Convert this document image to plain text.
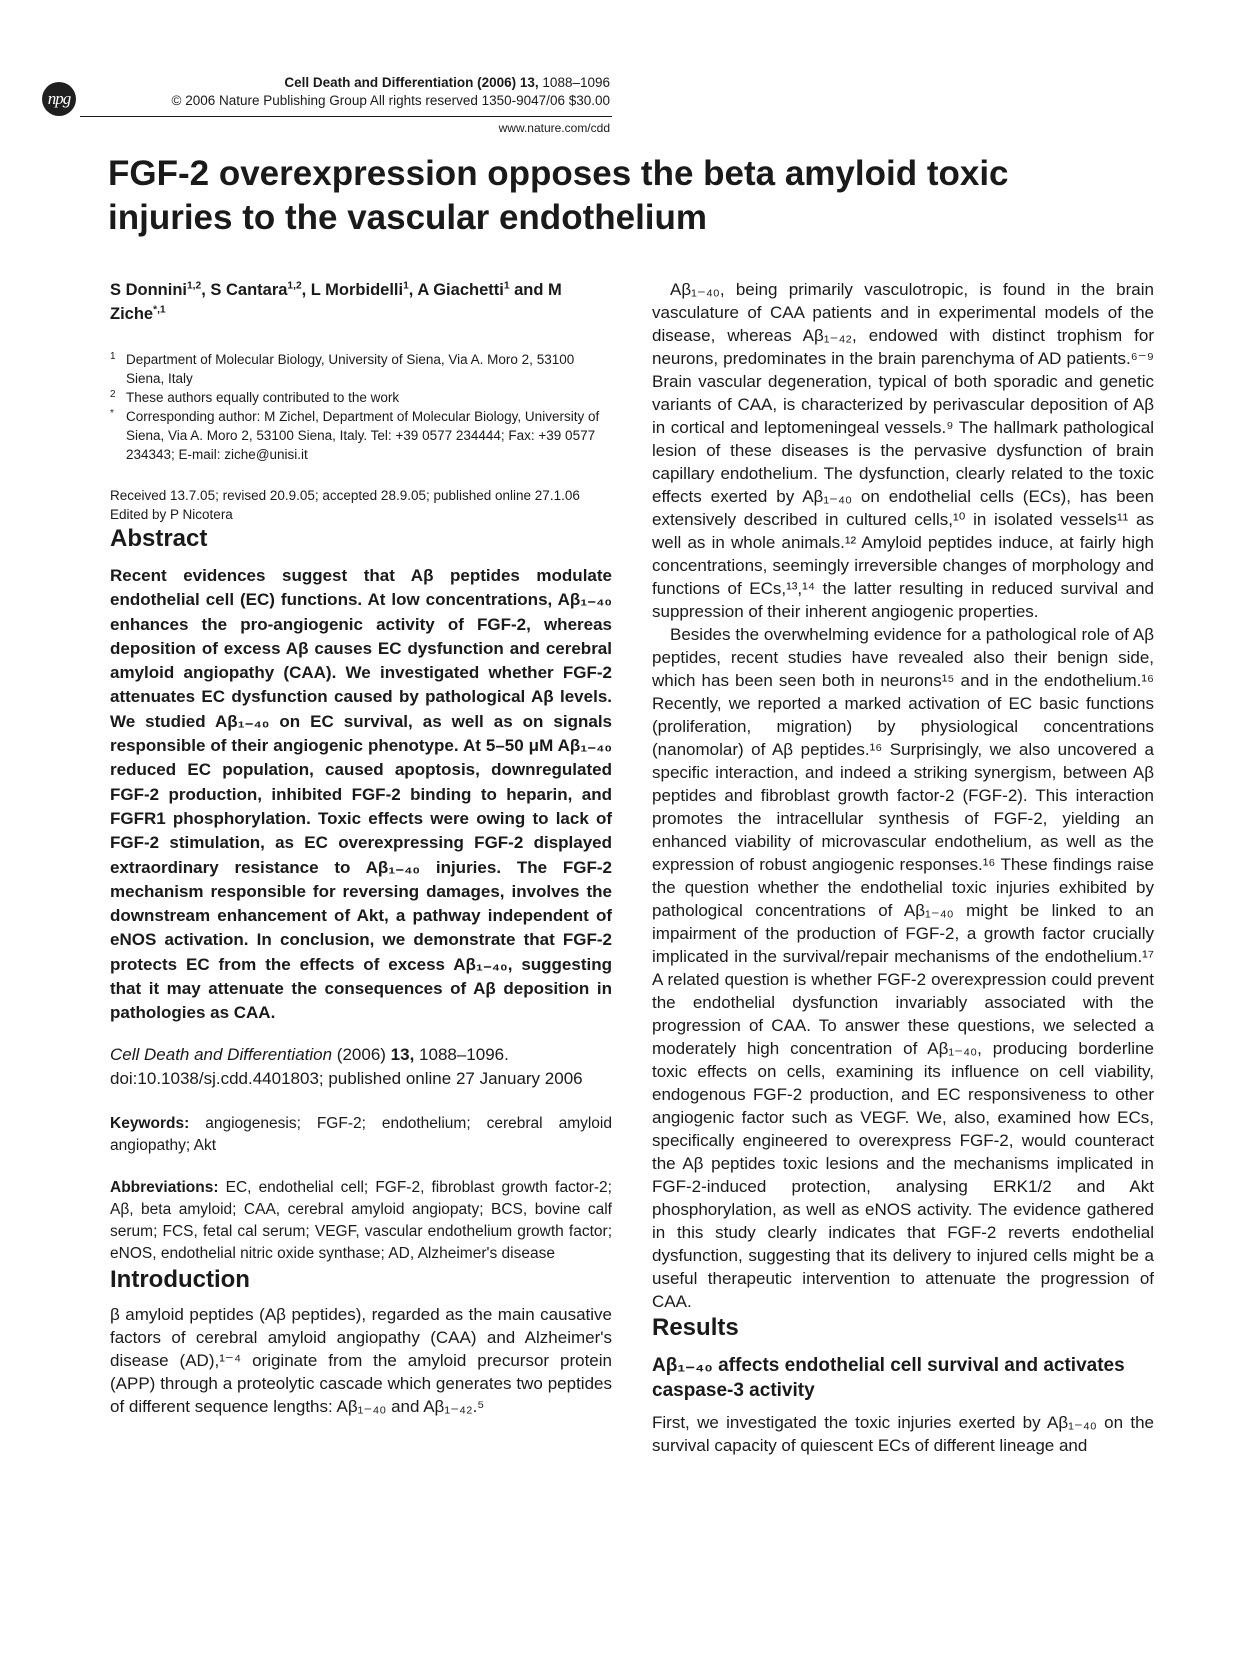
npg
Cell Death and Differentiation (2006) 13, 1088–1096
© 2006 Nature Publishing Group All rights reserved 1350-9047/06 $30.00
www.nature.com/cdd
FGF-2 overexpression opposes the beta amyloid toxic injuries to the vascular endothelium

S Donnini$^{1,2}$, S Cantara$^{1,2}$, L Morbidelli$^1$, A Giachetti$^1$ and M Ziche$^{*,1}$

1 Department of Molecular Biology, University of Siena, Via A. Moro 2, 53100 Siena, Italy
2 These authors equally contributed to the work
* Corresponding author: M Zichel, Department of Molecular Biology, University of Siena, Via A. Moro 2, 53100 Siena, Italy. Tel: +39 0577 234444; Fax: +39 0577 234343; E-mail: ziche@unisi.it
Received 13.7.05; revised 20.9.05; accepted 28.9.05; published online 27.1.06
Edited by P Nicotera
Abstract

Recent evidences suggest that Aβ peptides modulate endothelial cell (EC) functions. At low concentrations, Aβ₁₋₄₀ enhances the pro-angiogenic activity of FGF-2, whereas deposition of excess Aβ causes EC dysfunction and cerebral amyloid angiopathy (CAA). We investigated whether FGF-2 attenuates EC dysfunction caused by pathological Aβ levels. We studied Aβ₁₋₄₀ on EC survival, as well as on signals responsible of their angiogenic phenotype. At 5–50 μM Aβ₁₋₄₀ reduced EC population, caused apoptosis, downregulated FGF-2 production, inhibited FGF-2 binding to heparin, and FGFR1 phosphorylation. Toxic effects were owing to lack of FGF-2 stimulation, as EC overexpressing FGF-2 displayed extraordinary resistance to Aβ₁₋₄₀ injuries. The FGF-2 mechanism responsible for reversing damages, involves the downstream enhancement of Akt, a pathway independent of eNOS activation. In conclusion, we demonstrate that FGF-2 protects EC from the effects of excess Aβ₁₋₄₀, suggesting that it may attenuate the consequences of Aβ deposition in pathologies as CAA.

Cell Death and Differentiation (2006) 13, 1088–1096.

doi:10.1038/sj.cdd.4401803; published online 27 January 2006

Keywords: angiogenesis; FGF-2; endothelium; cerebral amyloid angiopathy; Akt
Abbreviations: EC, endothelial cell; FGF-2, fibroblast growth factor-2; Aβ, beta amyloid; CAA, cerebral amyloid angiopaty; BCS, bovine calf serum; FCS, fetal cal serum; VEGF, vascular endothelium growth factor; eNOS, endothelial nitric oxide synthase; AD, Alzheimer's disease
Introduction

β amyloid peptides (Aβ peptides), regarded as the main causative factors of cerebral amyloid angiopathy (CAA) and Alzheimer's disease (AD),¹⁻⁴ originate from the amyloid precursor protein (APP) through a proteolytic cascade which generates two peptides of different sequence lengths: Aβ₁₋₄₀ and Aβ₁₋₄₂.⁵

Aβ₁₋₄₀, being primarily vasculotropic, is found in the brain vasculature of CAA patients and in experimental models of the disease, whereas Aβ₁₋₄₂, endowed with distinct trophism for neurons, predominates in the brain parenchyma of AD patients.⁶⁻⁹ Brain vascular degeneration, typical of both sporadic and genetic variants of CAA, is characterized by perivascular deposition of Aβ in cortical and leptomeningeal vessels.⁹ The hallmark pathological lesion of these diseases is the pervasive dysfunction of brain capillary endothelium. The dysfunction, clearly related to the toxic effects exerted by Aβ₁₋₄₀ on endothelial cells (ECs), has been extensively described in cultured cells,¹⁰ in isolated vessels¹¹ as well as in whole animals.¹² Amyloid peptides induce, at fairly high concentrations, seemingly irreversible changes of morphology and functions of ECs,¹³,¹⁴ the latter resulting in reduced survival and suppression of their inherent angiogenic properties.

Besides the overwhelming evidence for a pathological role of Aβ peptides, recent studies have revealed also their benign side, which has been seen both in neurons¹⁵ and in the endothelium.¹⁶ Recently, we reported a marked activation of EC basic functions (proliferation, migration) by physiological concentrations (nanomolar) of Aβ peptides.¹⁶ Surprisingly, we also uncovered a specific interaction, and indeed a striking synergism, between Aβ peptides and fibroblast growth factor-2 (FGF-2). This interaction promotes the intracellular synthesis of FGF-2, yielding an enhanced viability of microvascular endothelium, as well as the expression of robust angiogenic responses.¹⁶ These findings raise the question whether the endothelial toxic injuries exhibited by pathological concentrations of Aβ₁₋₄₀ might be linked to an impairment of the production of FGF-2, a growth factor crucially implicated in the survival/repair mechanisms of the endothelium.¹⁷ A related question is whether FGF-2 overexpression could prevent the endothelial dysfunction invariably associated with the progression of CAA. To answer these questions, we selected a moderately high concentration of Aβ₁₋₄₀, producing borderline toxic effects on cells, examining its influence on cell viability, endogenous FGF-2 production, and EC responsiveness to other angiogenic factor such as VEGF. We, also, examined how ECs, specifically engineered to overexpress FGF-2, would counteract the Aβ peptides toxic lesions and the mechanisms implicated in FGF-2-induced protection, analysing ERK1/2 and Akt phosphorylation, as well as eNOS activity. The evidence gathered in this study clearly indicates that FGF-2 reverts endothelial dysfunction, suggesting that its delivery to injured cells might be a useful therapeutic intervention to attenuate the progression of CAA.

Results
Aβ₁₋₄₀ affects endothelial cell survival and activates caspase-3 activity

First, we investigated the toxic injuries exerted by Aβ₁₋₄₀ on the survival capacity of quiescent ECs of different lineage and
